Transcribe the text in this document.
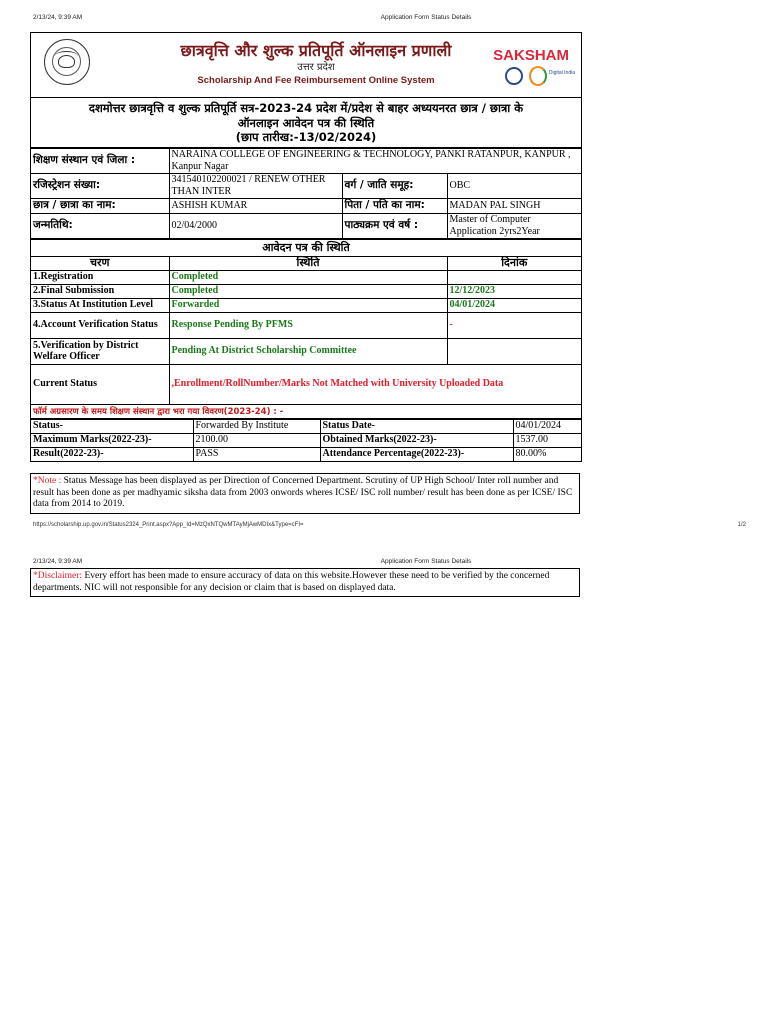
2/13/24, 9:39 AM	Application Form Status Details
छात्रवृत्ति और शुल्क प्रतिपूर्ति ऑनलाइन प्रणाली
उत्तर प्रदेश
Scholarship And Fee Reimbursement Online System
SAKSHAM
Digital India
दशमोत्तर छात्रवृत्ति व शुल्क प्रतिपूर्ति सत्र-2023-24 प्रदेश में/प्रदेश से बाहर अध्ययनरत छात्र / छात्रा के
ऑनलाइन आवेदन पत्र की स्थिति
(छाप तारीख:-13/02/2024)
शिक्षण संस्थान एवं जिला :	NARAINA COLLEGE OF ENGINEERING & TECHNOLOGY, PANKI RATANPUR, KANPUR , Kanpur Nagar		
रजिस्ट्रेशन संख्या:	341540102200021 / RENEW OTHER THAN INTER	वर्ग / जाति समूह:	OBC
छात्र / छात्रा का नाम:	ASHISH KUMAR	पिता / पति का नाम:	MADAN PAL SINGH
जन्मतिथि:	02/04/2000	पाठ्यक्रम एवं वर्ष :	Master of Computer Application 2yrs2Year
आवेदन पत्र की स्थिति		
चरण	स्थिति	दिनांक
1.Registration	Completed	
2.Final Submission	Completed	12/12/2023
3.Status At Institution Level	Forwarded	04/01/2024
4.Account Verification Status	Response Pending By PFMS	-
5.Verification by District Welfare Officer	Pending At District Scholarship Committee	
Current Status	,Enrollment/RollNumber/Marks Not Matched with University Uploaded Data	
फॉर्म अग्रसारण के समय शिक्षण संस्थान द्वारा भरा गया विवरण(2023-24) : -
Status-	Forwarded By Institute	Status Date-	04/01/2024
Maximum Marks(2022-23)-	2100.00	Obtained Marks(2022-23)-	1537.00
Result(2022-23)-	PASS	Attendance Percentage(2022-23)-	80.00%
*Note : Status Message has been displayed as per Direction of Concerned Department. Scrutiny of UP High School/ Inter roll number and result has been done as per madhyamic siksha data from 2003 onwords wheres ICSE/ ISC roll number/ result has been done as per ICSE/ ISC data from 2014 to 2019.
https://scholarship.up.gov.in/Status2324_Print.aspx?App_Id=MzQxNTQwMTAyMjAwMDIx&Type=cFI=	1/2
2/13/24, 9:39 AM	Application Form Status Details
*Disclaimer: Every effort has been made to ensure accuracy of data on this website.However these need to be verified by the concerned departments. NIC will not responsible for any decision or claim that is based on displayed data.
